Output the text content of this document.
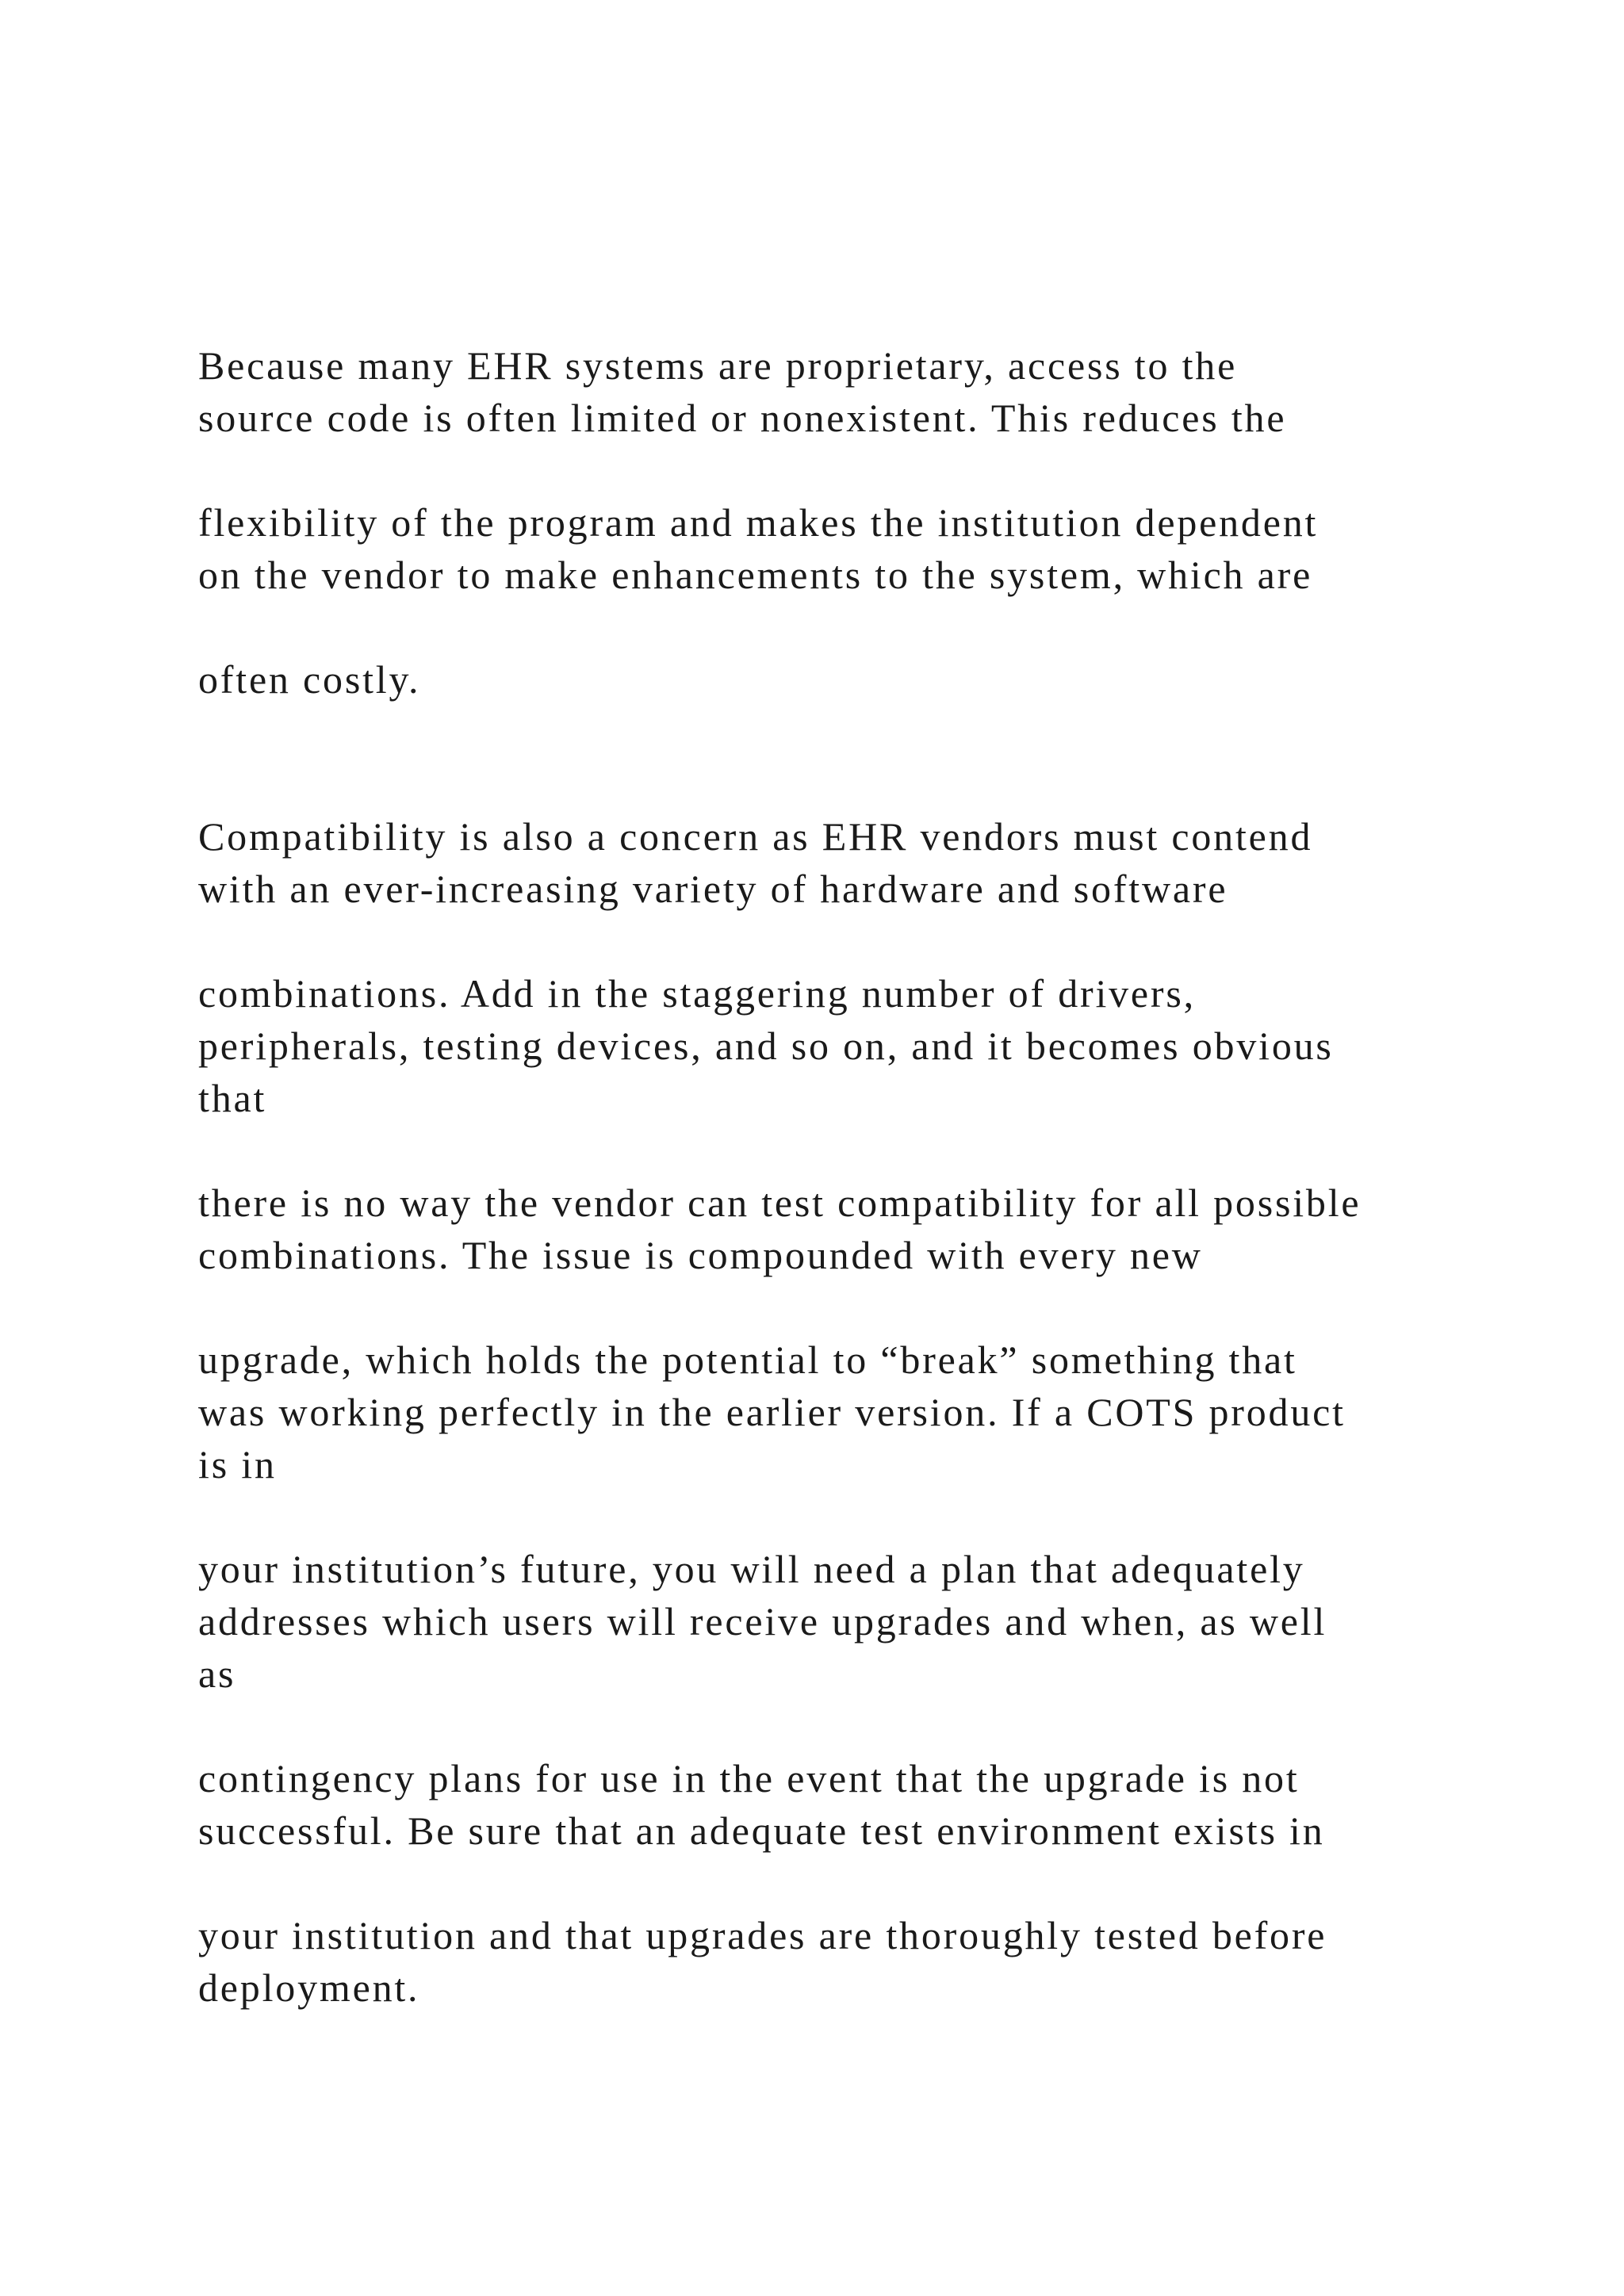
Because many EHR systems are proprietary, access to the
source code is often limited or nonexistent. This reduces the
flexibility of the program and makes the institution dependent
on the vendor to make enhancements to the system, which are
often costly.
Compatibility is also a concern as EHR vendors must contend
with an ever-increasing variety of hardware and software
combinations. Add in the staggering number of drivers,
peripherals, testing devices, and so on, and it becomes obvious
that
there is no way the vendor can test compatibility for all possible
combinations. The issue is compounded with every new
upgrade, which holds the potential to “break” something that
was working perfectly in the earlier version. If a COTS product
is in
your institution’s future, you will need a plan that adequately
addresses which users will receive upgrades and when, as well
as
contingency plans for use in the event that the upgrade is not
successful. Be sure that an adequate test environment exists in
your institution and that upgrades are thoroughly tested before
deployment.
